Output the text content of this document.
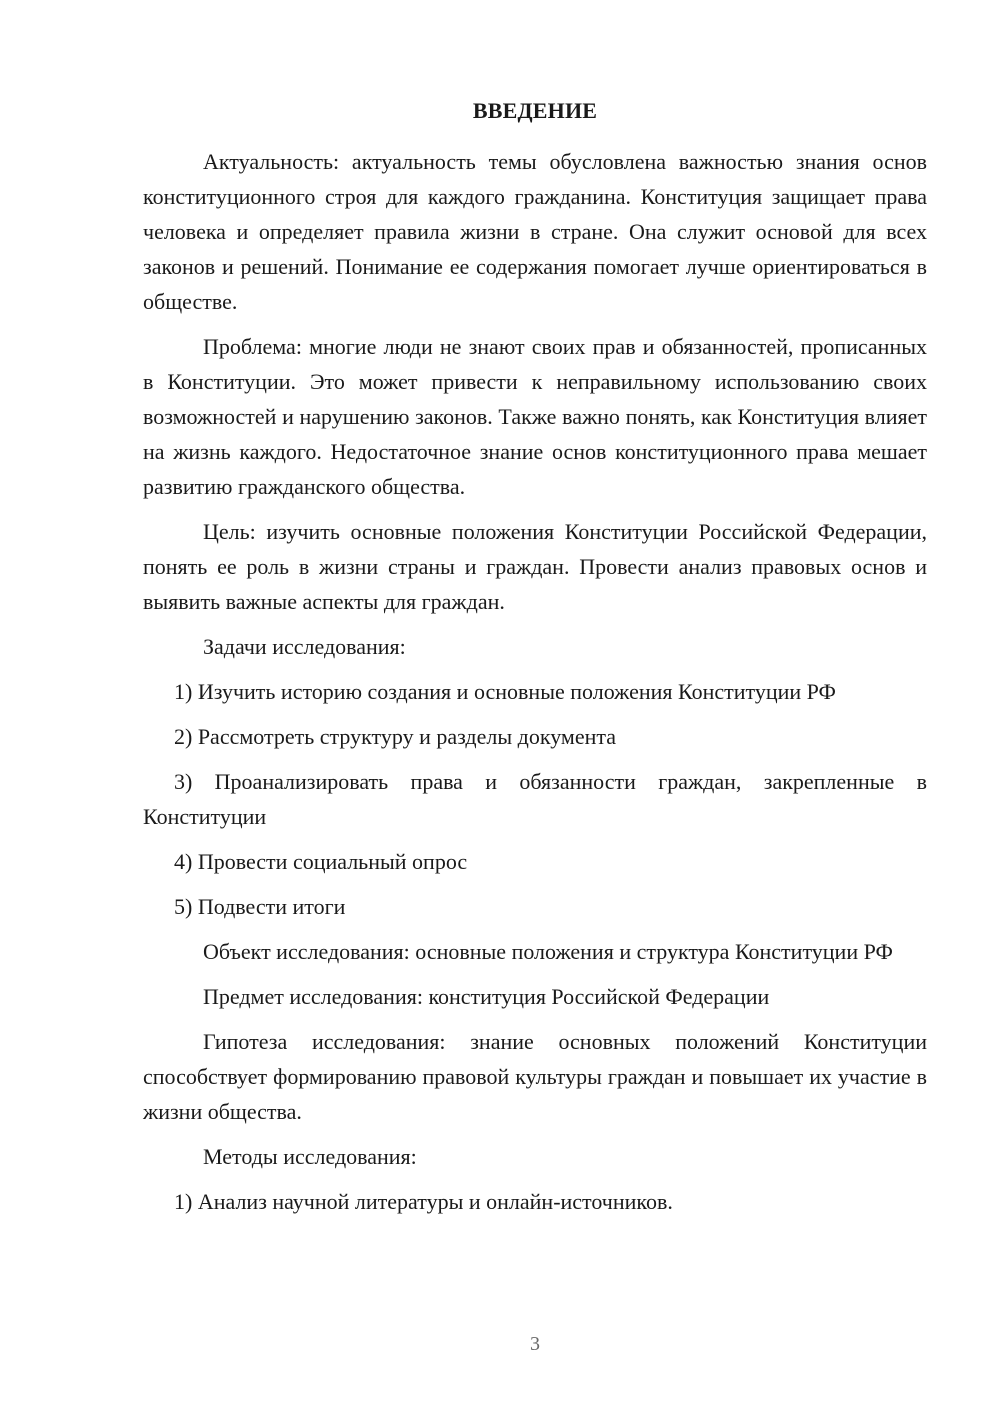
ВВЕДЕНИЕ

Актуальность: актуальность темы обусловлена важностью знания основ конституционного строя для каждого гражданина. Конституция защищает права человека и определяет правила жизни в стране. Она служит основой для всех законов и решений. Понимание ее содержания помогает лучше ориентироваться в обществе.

Проблема: многие люди не знают своих прав и обязанностей, прописанных в Конституции. Это может привести к неправильному использованию своих возможностей и нарушению законов. Также важно понять, как Конституция влияет на жизнь каждого. Недостаточное знание основ конституционного права мешает развитию гражданского общества.

Цель: изучить основные положения Конституции Российской Федерации, понять ее роль в жизни страны и граждан. Провести анализ правовых основ и выявить важные аспекты для граждан.

Задачи исследования:

1) Изучить историю создания и основные положения Конституции РФ

2) Рассмотреть структуру и разделы документа

3) Проанализировать права и обязанности граждан, закрепленные в Конституции

4) Провести социальный опрос

5) Подвести итоги

Объект исследования: основные положения и структура Конституции РФ

Предмет исследования: конституция Российской Федерации

Гипотеза исследования: знание основных положений Конституции способствует формированию правовой культуры граждан и повышает их участие в жизни общества.

Методы исследования:

1) Анализ научной литературы и онлайн-источников.

3
